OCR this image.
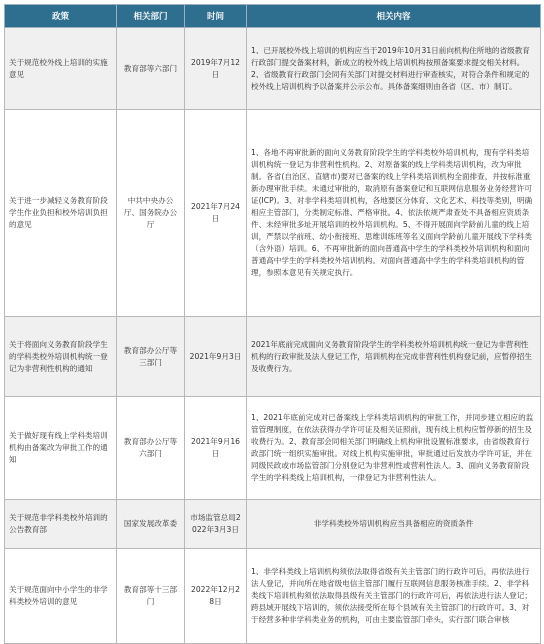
政策	相关部门	时间	相关内容
关于规范校外线上培训的实施意见	教育部等六部门	2019年7月12日	1、已开展校外线上培训的机构应当于2019年10月31日前向机构住所地的省级教育行政部门提交备案材料，新成立的校外线上培训机构按照备案要求提交相关材料。2、省级教育行政部门会同有关部门对提交材料进行审查核实，对符合条件和规定的校外线上培训机构予以备案并公示公布。具体备案细则由各省（区、市）制订。
关于进一步减轻义务教育阶段学生作业负担和校外培训负担的意见	中共中央办公厅、国务院办公厅	2021年7月24日	1、各地不再审批新的面向义务教育阶段学生的学科类校外培训机构，现有学科类培训机构统一登记为非营利性机构。2、对原备案的线上学科类培训机构，改为审批制。各省(自治区、直辖市)要对已备案的线上学科类培训机构全面排查，并按标准重新办理审批手续。未通过审批的，取消原有备案登记和互联网信息服务业务经营许可证(ICP)。3、对非学科类培训机构，各地要区分体育、文化艺术、科技等类别，明确相应主管部门，分类制定标准、严格审批。4、依法依规严肃查处不具备相应资质条件、未经审批多址开展培训的校外培训机构。5、不得开展面向学龄前儿童的线上培训，严禁以学前班、幼小衔接班、思维训练班等名义面向学龄前儿童开展线下学科类（含外语）培训。6、不再审批新的面向普通高中学生的学科类校外培训机构和面向普通高中学生的学科类校外培训机构。对面向普通高中学生的学科类培训机构的管理，参照本意见有关规定执行。
关于将面向义务教育阶段学生的学科类校外培训机构统一登记为非营利性机构的通知	教育部办公厅等三部门	2021年9月3日	2021年底前完成面向义务教育阶段学生的学科类校外培训机构统一登记为非营利性机构的行政审批及法人登记工作，培训机构在完成非营利性机构登记前，应暂停招生及收费行为。
关于做好现有线上学科类培训机构由备案改为审批工作的通知	教育部办公厅等六部门	2021年9月16日	1、2021年底前完成对已备案线上学科类培训机构的审批工作，并同步建立相应的监管管理制度，在依法获得办学许可证及相关证照前，现有线上机构应暂停新的招生及收费行为。2、教育部会同相关部门明确线上机构审批设置标准要求，由省级教育行政部门统一组织实施审批。对线上机构实施审批，审批通过后发放办学许可证，并在同级民政或市场监管部门分别登记为非营利性或营利性法人。3、面向义务教育阶段学生的学科类线上培训机构，一律登记为非营利性法人。
关于规范非学科类校外培训的公告教育部	国家发展改革委	市场监管总局2022年3月3日	非学科类校外培训机构应当具备相应的资质条件
关于规范面向中小学生的非学科类校外培训的意见	教育部等十三部门	2022年12月28日	1、非学科类线上培训机构须依法取得省级有关主管部门的行政许可后，再依法进行法人登记，并向所在地省级电信主管部门履行互联网信息服务核准手续。2、非学科类线下培训机构须依法取得县级有关主管部门的行政许可后，再依法进行法人登记；跨县域开展线下培训的，须依法接受所在每个县域有关主管部门的行政许可。3、对于经营多种非学科类业务的机构，可由主要监管部门牵头，实行部门联合审核
